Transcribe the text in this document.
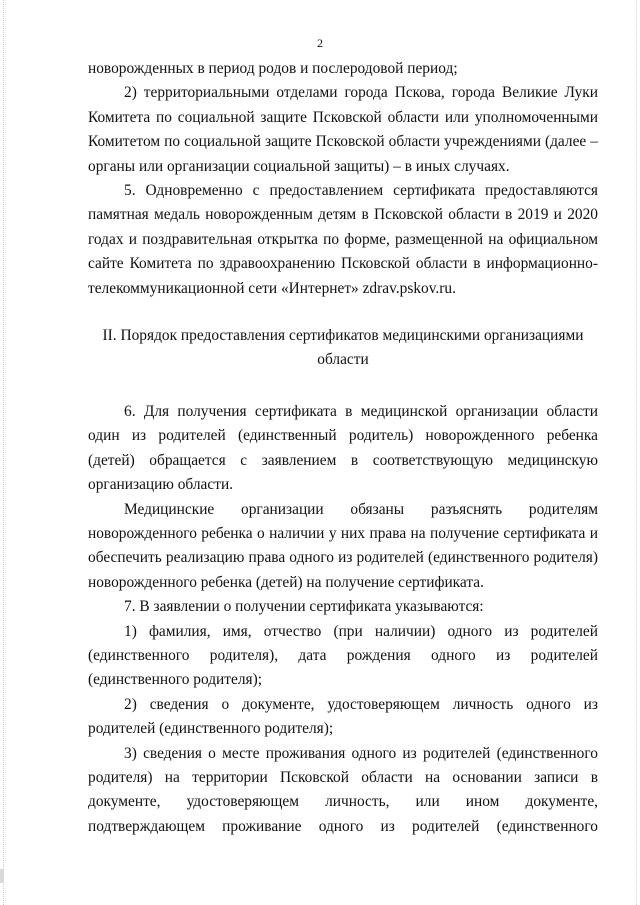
2

новорожденных в период родов и послеродовой период;

2) территориальными отделами города Пскова, города Великие Луки Комитета по социальной защите Псковской области или уполномоченными Комитетом по социальной защите Псковской области учреждениями (далее – органы или организации социальной защиты) – в иных случаях.

5. Одновременно с предоставлением сертификата предоставляются памятная медаль новорожденным детям в Псковской области в 2019 и 2020 годах и поздравительная открытка по форме, размещенной на официальном сайте Комитета по здравоохранению Псковской области в информационно-телекоммуникационной сети «Интернет» zdrav.pskov.ru.

II. Порядок предоставления сертификатов медицинскими организациями
области

6. Для получения сертификата в медицинской организации области один из родителей (единственный родитель) новорожденного ребенка (детей) обращается с заявлением в соответствующую медицинскую организацию области.

Медицинские организации обязаны разъяснять родителям новорожденного ребенка о наличии у них права на получение сертификата и обеспечить реализацию права одного из родителей (единственного родителя) новорожденного ребенка (детей) на получение сертификата.

7. В заявлении о получении сертификата указываются:

1) фамилия, имя, отчество (при наличии) одного из родителей (единственного родителя), дата рождения одного из родителей (единственного родителя);

2) сведения о документе, удостоверяющем личность одного из родителей (единственного родителя);

3) сведения о месте проживания одного из родителей (единственного родителя) на территории Псковской области на основании записи в документе, удостоверяющем личность, или ином документе, подтверждающем проживание одного из родителей (единственного
